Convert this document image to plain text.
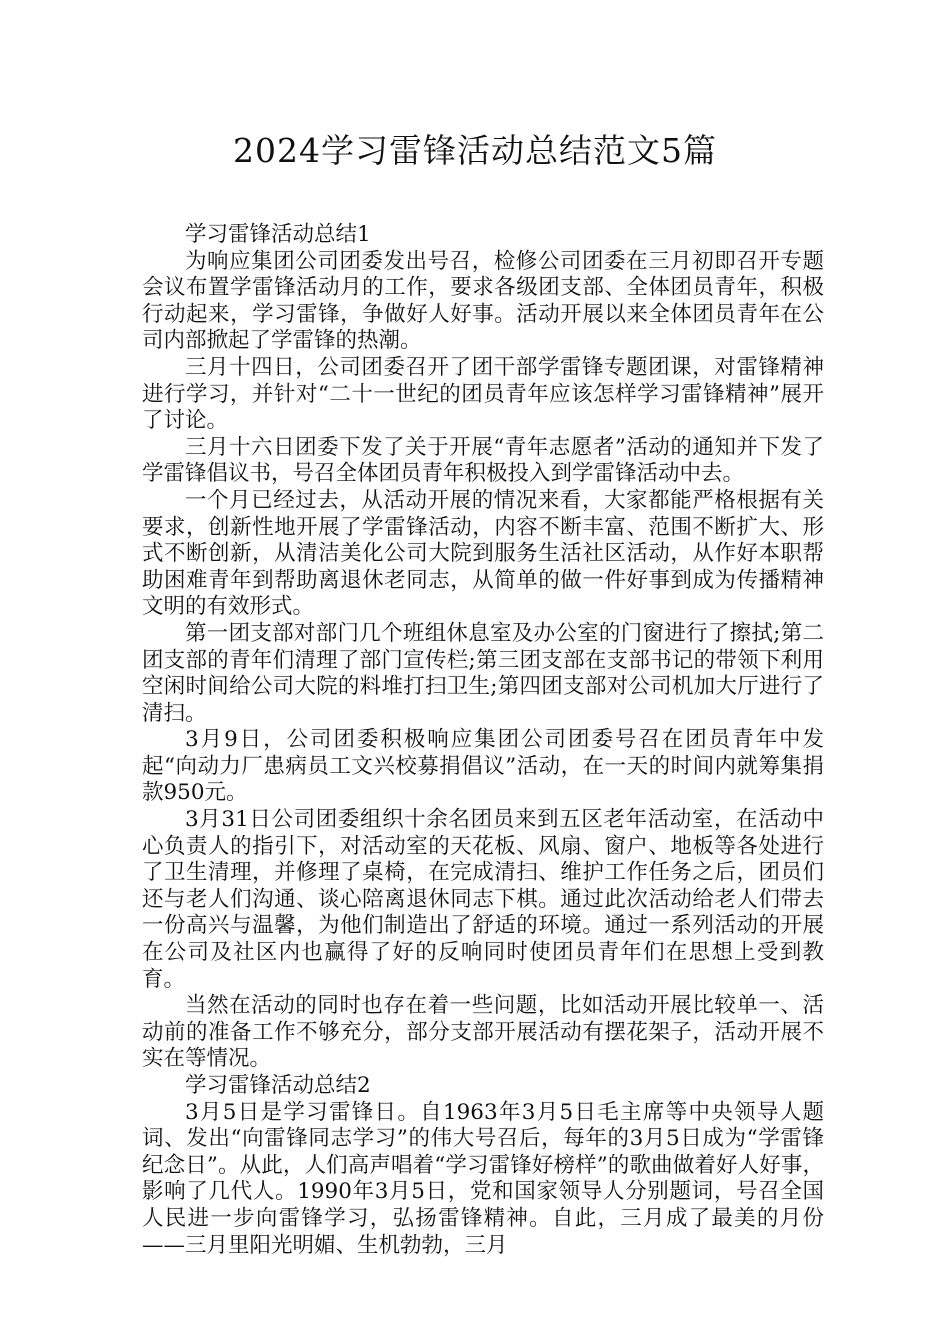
2024学习雷锋活动总结范文5篇

学习雷锋活动总结1

为响应集团公司团委发出号召，检修公司团委在三月初即召开专题会议布置学雷锋活动月的工作，要求各级团支部、全体团员青年，积极行动起来，学习雷锋，争做好人好事。活动开展以来全体团员青年在公司内部掀起了学雷锋的热潮。

三月十四日，公司团委召开了团干部学雷锋专题团课，对雷锋精神进行学习，并针对“二十一世纪的团员青年应该怎样学习雷锋精神”展开了讨论。

三月十六日团委下发了关于开展“青年志愿者”活动的通知并下发了学雷锋倡议书，号召全体团员青年积极投入到学雷锋活动中去。

一个月已经过去，从活动开展的情况来看，大家都能严格根据有关要求，创新性地开展了学雷锋活动，内容不断丰富、范围不断扩大、形式不断创新，从清洁美化公司大院到服务生活社区活动，从作好本职帮助困难青年到帮助离退休老同志，从简单的做一件好事到成为传播精神文明的有效形式。

第一团支部对部门几个班组休息室及办公室的门窗进行了擦拭;第二团支部的青年们清理了部门宣传栏;第三团支部在支部书记的带领下利用空闲时间给公司大院的料堆打扫卫生;第四团支部对公司机加大厅进行了清扫。

3月9日，公司团委积极响应集团公司团委号召在团员青年中发起“向动力厂患病员工文兴校募捐倡议”活动，在一天的时间内就筹集捐款950元。

3月31日公司团委组织十余名团员来到五区老年活动室，在活动中心负责人的指引下，对活动室的天花板、风扇、窗户、地板等各处进行了卫生清理，并修理了桌椅，在完成清扫、维护工作任务之后，团员们还与老人们沟通、谈心陪离退休同志下棋。通过此次活动给老人们带去一份高兴与温馨，为他们制造出了舒适的环境。通过一系列活动的开展在公司及社区内也赢得了好的反响同时使团员青年们在思想上受到教育。

当然在活动的同时也存在着一些问题，比如活动开展比较单一、活动前的准备工作不够充分，部分支部开展活动有摆花架子，活动开展不实在等情况。

学习雷锋活动总结2

3月5日是学习雷锋日。自1963年3月5日毛主席等中央领导人题词、发出“向雷锋同志学习”的伟大号召后，每年的3月5日成为“学雷锋纪念日”。从此，人们高声唱着“学习雷锋好榜样”的歌曲做着好人好事，影响了几代人。1990年3月5日，党和国家领导人分别题词，号召全国人民进一步向雷锋学习，弘扬雷锋精神。自此，三月成了最美的月份——三月里阳光明媚、生机勃勃，三月
